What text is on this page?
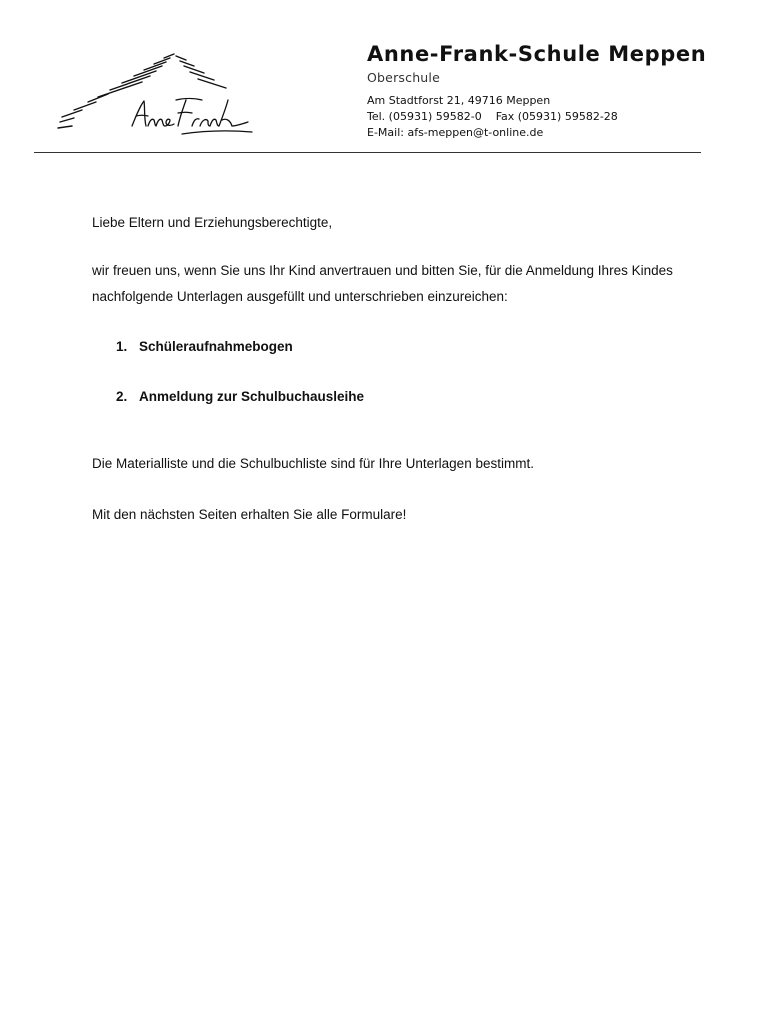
Anne-Frank-Schule Meppen
Oberschule
Am Stadtforst 21, 49716 Meppen
Tel. (05931) 59582-0 Fax (05931) 59582-28
E-Mail: afs-meppen@t-online.de

Liebe Eltern und Erziehungsberechtigte,

wir freuen uns, wenn Sie uns Ihr Kind anvertrauen und bitten Sie, für die Anmeldung Ihres Kindes nachfolgende Unterlagen ausgefüllt und unterschrieben einzureichen:

1. Schüleraufnahmebogen
2. Anmeldung zur Schulbuchausleihe

Die Materialliste und die Schulbuchliste sind für Ihre Unterlagen bestimmt.

Mit den nächsten Seiten erhalten Sie alle Formulare!
